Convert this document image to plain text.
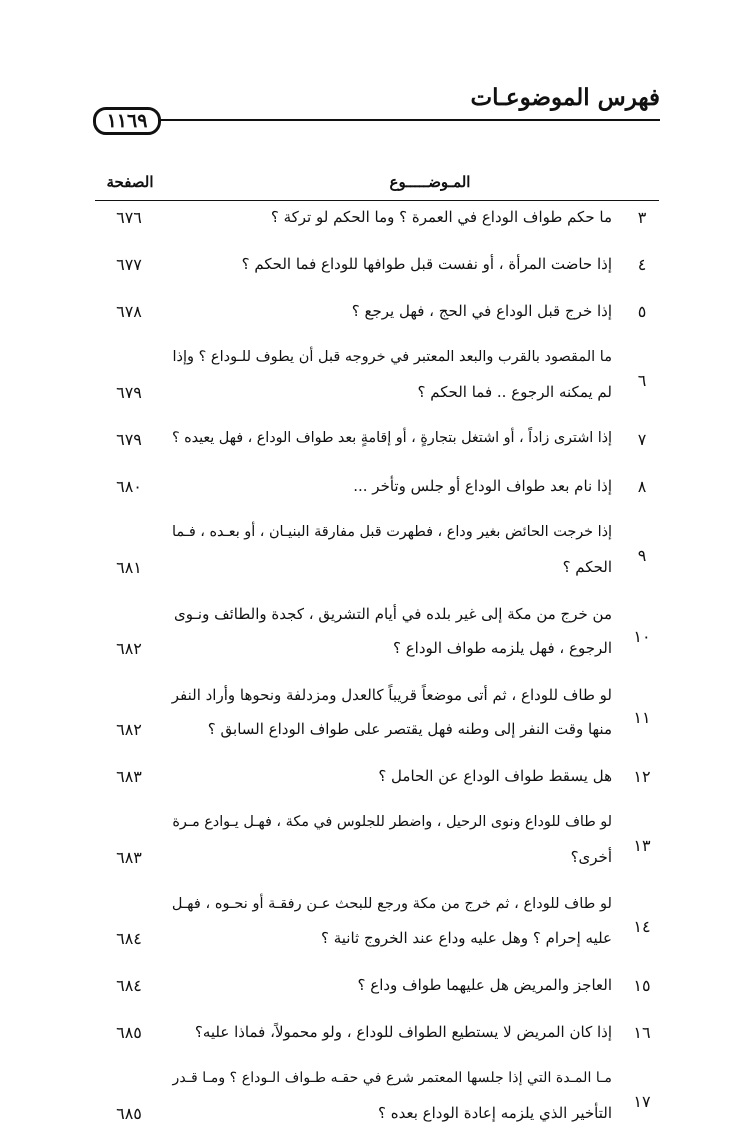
فهرس الموضوعـات
١١٦٩
المـوضـــــوع
الصفحة
٣
ما حكم طواف الوداع في العمرة ؟ وما الحكم لو تركة ؟
٦٧٦
٤
إذا حاضت المرأة ، أو نفست قبل طوافها للوداع فما الحكم ؟
٦٧٧
٥
إذا خرج قبل الوداع في الحج ، فهل يرجع ؟
٦٧٨
٦
ما المقصود بالقرب والبعد المعتبر في خروجه قبل أن يطوف للـوداع ؟ وإذا
لم يمكنه الرجوع .. فما الحكم ؟
٦٧٩
٧
إذا اشترى زاداً ، أو اشتغل بتجارةٍ ، أو إقامةٍ بعد طواف الوداع ، فهل يعيده ؟
٦٧٩
٨
إذا نام بعد طواف الوداع أو جلس وتأخر ...
٦٨٠
٩
إذا خرجت الحائض بغير وداع ، فطهرت قبل مفارقة البنيـان ، أو بعـده ، فـما
الحكم ؟
٦٨١
١٠
من خرج من مكة إلى غير بلده في أيام التشريق ، كجدة والطائف ونـوى
الرجوع ، فهل يلزمه طواف الوداع ؟
٦٨٢
١١
لو طاف للوداع ، ثم أتى موضعاً قريباً كالعدل ومزدلفة ونحوها وأراد النفر
منها وقت النفر إلى وطنه فهل يقتصر على طواف الوداع السابق ؟
٦٨٢
١٢
هل يسقط طواف الوداع عن الحامل ؟
٦٨٣
١٣
لو طاف للوداع ونوى الرحيل ، واضطر للجلوس في مكة ، فهـل يـوادع مـرة
أخرى؟
٦٨٣
١٤
لو طاف للوداع ، ثم خرج من مكة ورجع للبحث عـن رفقـة أو نحـوه ، فهـل
عليه إحرام ؟ وهل عليه وداع عند الخروج ثانية ؟
٦٨٤
١٥
العاجز والمريض هل عليهما طواف وداع ؟
٦٨٤
١٦
إذا كان المريض لا يستطيع الطواف للوداع ، ولو محمولاً، فماذا عليه؟
٦٨٥
١٧
مـا المـدة التي إذا جلسها المعتمر شرع في حقـه طـواف الـوداع ؟ ومـا قـدر
التأخير الذي يلزمه إعادة الوداع بعده ؟
٦٨٥
